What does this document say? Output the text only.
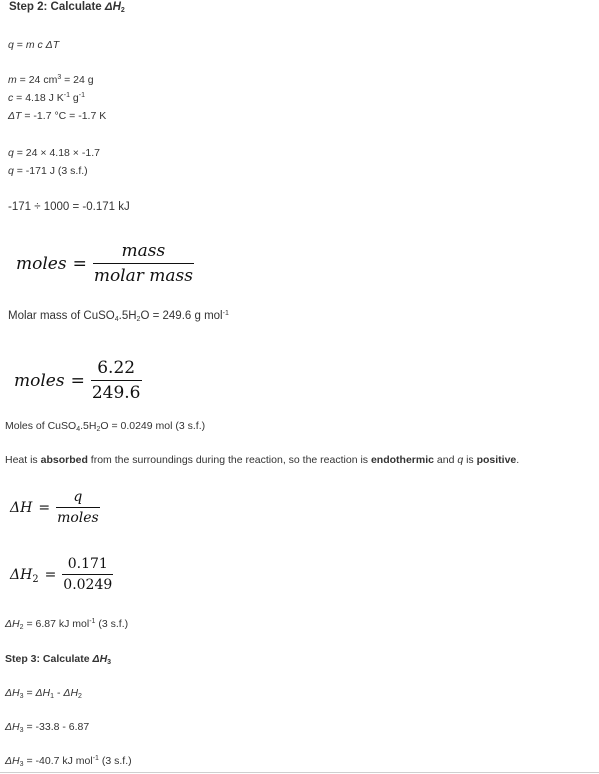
Step 2: Calculate $\Delta H_2$
q = m c ΔT
m = 24 $cm^3 = 24$ g
c = 4.18 J $K^{-1}$ $g^{-1}$
ΔT = -1.7 °C = -1.7 K
q = 24 × 4.18 × -1.7
q = -171 J (3 s.f.)
-171 ÷ 1000 = -0.171 kJ
moles = $\frac{\text{mass}}{\text{molar mass}}$
Molar mass of $CuSO_4.5H_2O = 249.6$ g mol$^{-1}$
moles = $\frac{6.22}{249.6}$
Moles of $CuSO_4.5H_2O = 0.0249$ mol (3 s.f.)
Heat is absorbed from the surroundings during the reaction, so the reaction is endothermic and q is positive.
$\Delta H = \frac{q}{\text{moles}}$
$\Delta H_2 = \frac{0.171}{0.0249}$
$\Delta H_2 = 6.87$ kJ mol$^{-1}$ (3 s.f.)
Step 3: Calculate $\Delta H_3$
$\Delta H_3 = \Delta H_1 - \Delta H_2$
$\Delta H_3 = -33.8 - 6.87$
$\Delta H_3 = -40.7$ kJ mol$^{-1}$ (3 s.f.)
